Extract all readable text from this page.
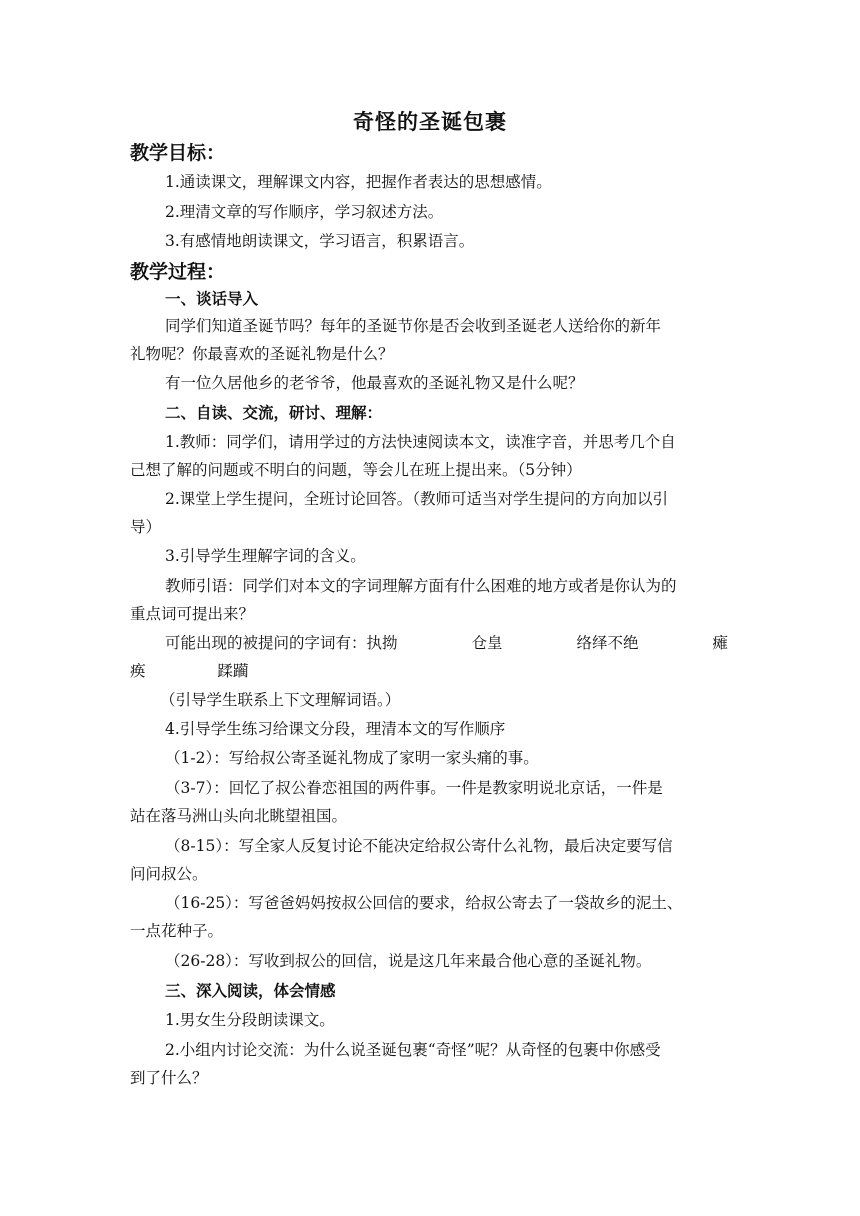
奇怪的圣诞包裹
教学目标：
1.通读课文，理解课文内容，把握作者表达的思想感情。
2.理清文章的写作顺序，学习叙述方法。
3.有感情地朗读课文，学习语言，积累语言。
教学过程：
一、谈话导入
同学们知道圣诞节吗？每年的圣诞节你是否会收到圣诞老人送给你的新年
礼物呢？你最喜欢的圣诞礼物是什么？
有一位久居他乡的老爷爷，他最喜欢的圣诞礼物又是什么呢？
二、自读、交流，研讨、理解：
1.教师：同学们，请用学过的方法快速阅读本文，读准字音，并思考几个自
己想了解的问题或不明白的问题，等会儿在班上提出来。（5分钟）
2.课堂上学生提问，全班讨论回答。（教师可适当对学生提问的方向加以引
导）
3.引导学生理解字词的含义。
教师引语：同学们对本文的字词理解方面有什么困难的地方或者是你认为的
重点词可提出来？
可能出现的被提问的字词有：执拗	仓皇	络绎不绝	瘫
痪	蹂躏
（引导学生联系上下文理解词语。）
4.引导学生练习给课文分段，理清本文的写作顺序
（1-2）：写给叔公寄圣诞礼物成了家明一家头痛的事。
（3-7）：回忆了叔公眷恋祖国的两件事。一件是教家明说北京话，一件是
站在落马洲山头向北眺望祖国。
（8-15）：写全家人反复讨论不能决定给叔公寄什么礼物，最后决定要写信
问问叔公。
（16-25）：写爸爸妈妈按叔公回信的要求，给叔公寄去了一袋故乡的泥土、
一点花种子。
（26-28）：写收到叔公的回信，说是这几年来最合他心意的圣诞礼物。
三、深入阅读，体会情感
1.男女生分段朗读课文。
2.小组内讨论交流：为什么说圣诞包裹“奇怪”呢？从奇怪的包裹中你感受
到了什么？
